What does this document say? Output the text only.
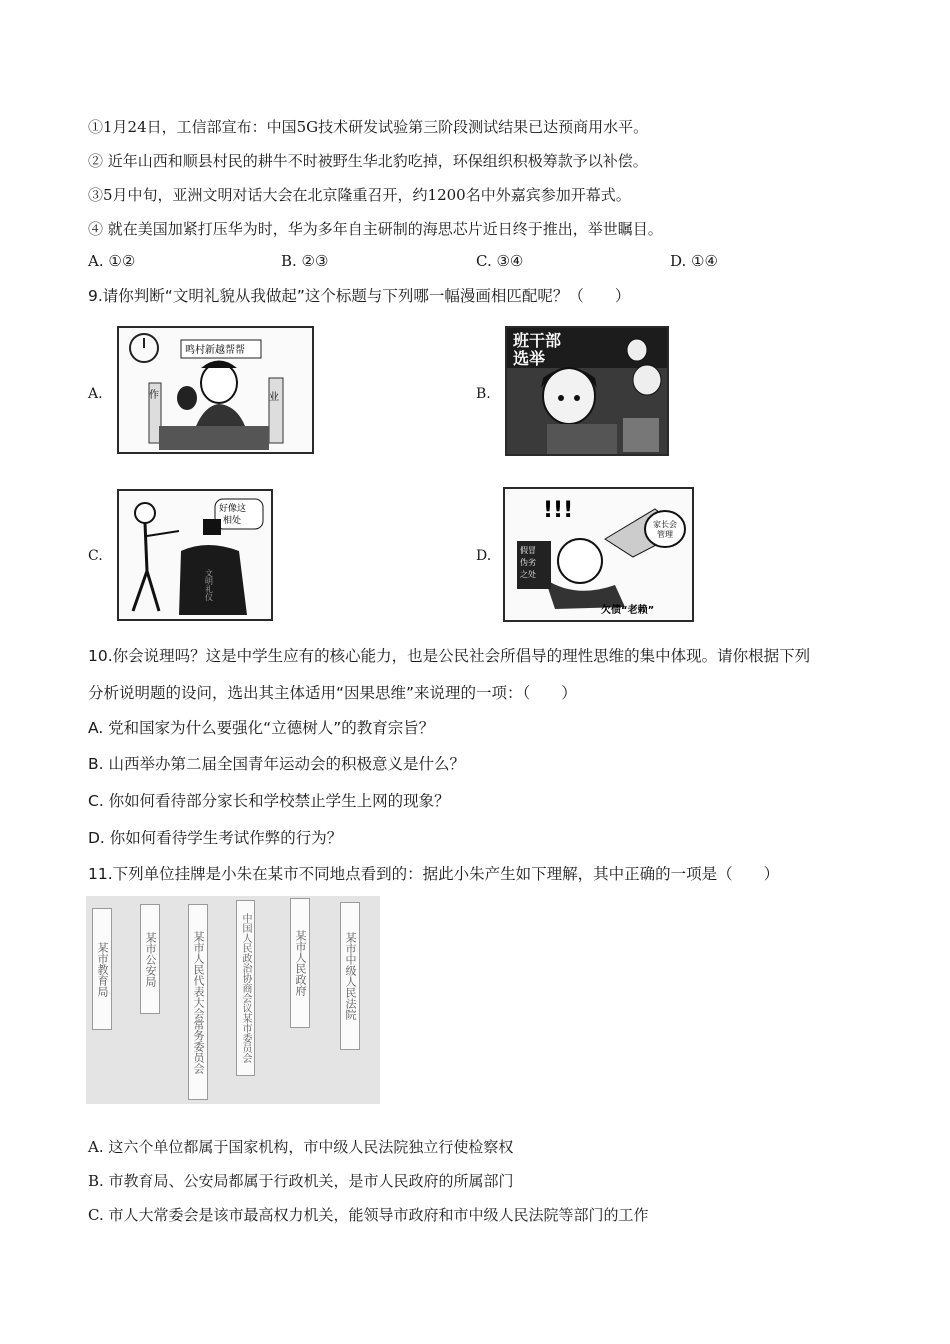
①1月24日，工信部宣布：中国5G技术研发试验第三阶段测试结果已达预商用水平。
② 近年山西和顺县村民的耕牛不时被野生华北豹吃掉，环保组织积极筹款予以补偿。
③5月中旬，亚洲文明对话大会在北京隆重召开，约1200名中外嘉宾参加开幕式。
④ 就在美国加紧打压华为时，华为多年自主研制的海思芯片近日终于推出，举世瞩目。
A. ①②	B. ②③	C. ③④	D. ①④
9.请你判断“文明礼貌从我做起”这个标题与下列哪一幅漫画相匹配呢？（　　）
A.
鸣村新越帮帮
作	业	B.
班干部
选举
C.
好像这
相处
文明礼仪
D.
!!!
假冒
伪劣
之处
家长会
管理
欠债“老赖”
10.你会说理吗？这是中学生应有的核心能力，也是公民社会所倡导的理性思维的集中体现。请你根据下列
分析说明题的设问，选出其主体适用“因果思维”来说理的一项：（　　）
A. 党和国家为什么要强化“立德树人”的教育宗旨？
B. 山西举办第二届全国青年运动会的积极意义是什么？
C. 你如何看待部分家长和学校禁止学生上网的现象？
D. 你如何看待学生考试作弊的行为？
11.下列单位挂牌是小朱在某市不同地点看到的：据此小朱产生如下理解，其中正确的一项是（　　）
某市教育局	某市公安局	某市人民代表大会常务委员会	中国人民政治协商会议某市委员会	某市人民政府	某市中级人民法院
A. 这六个单位都属于国家机构，市中级人民法院独立行使检察权
B. 市教育局、公安局都属于行政机关，是市人民政府的所属部门
C. 市人大常委会是该市最高权力机关，能领导市政府和市中级人民法院等部门的工作
